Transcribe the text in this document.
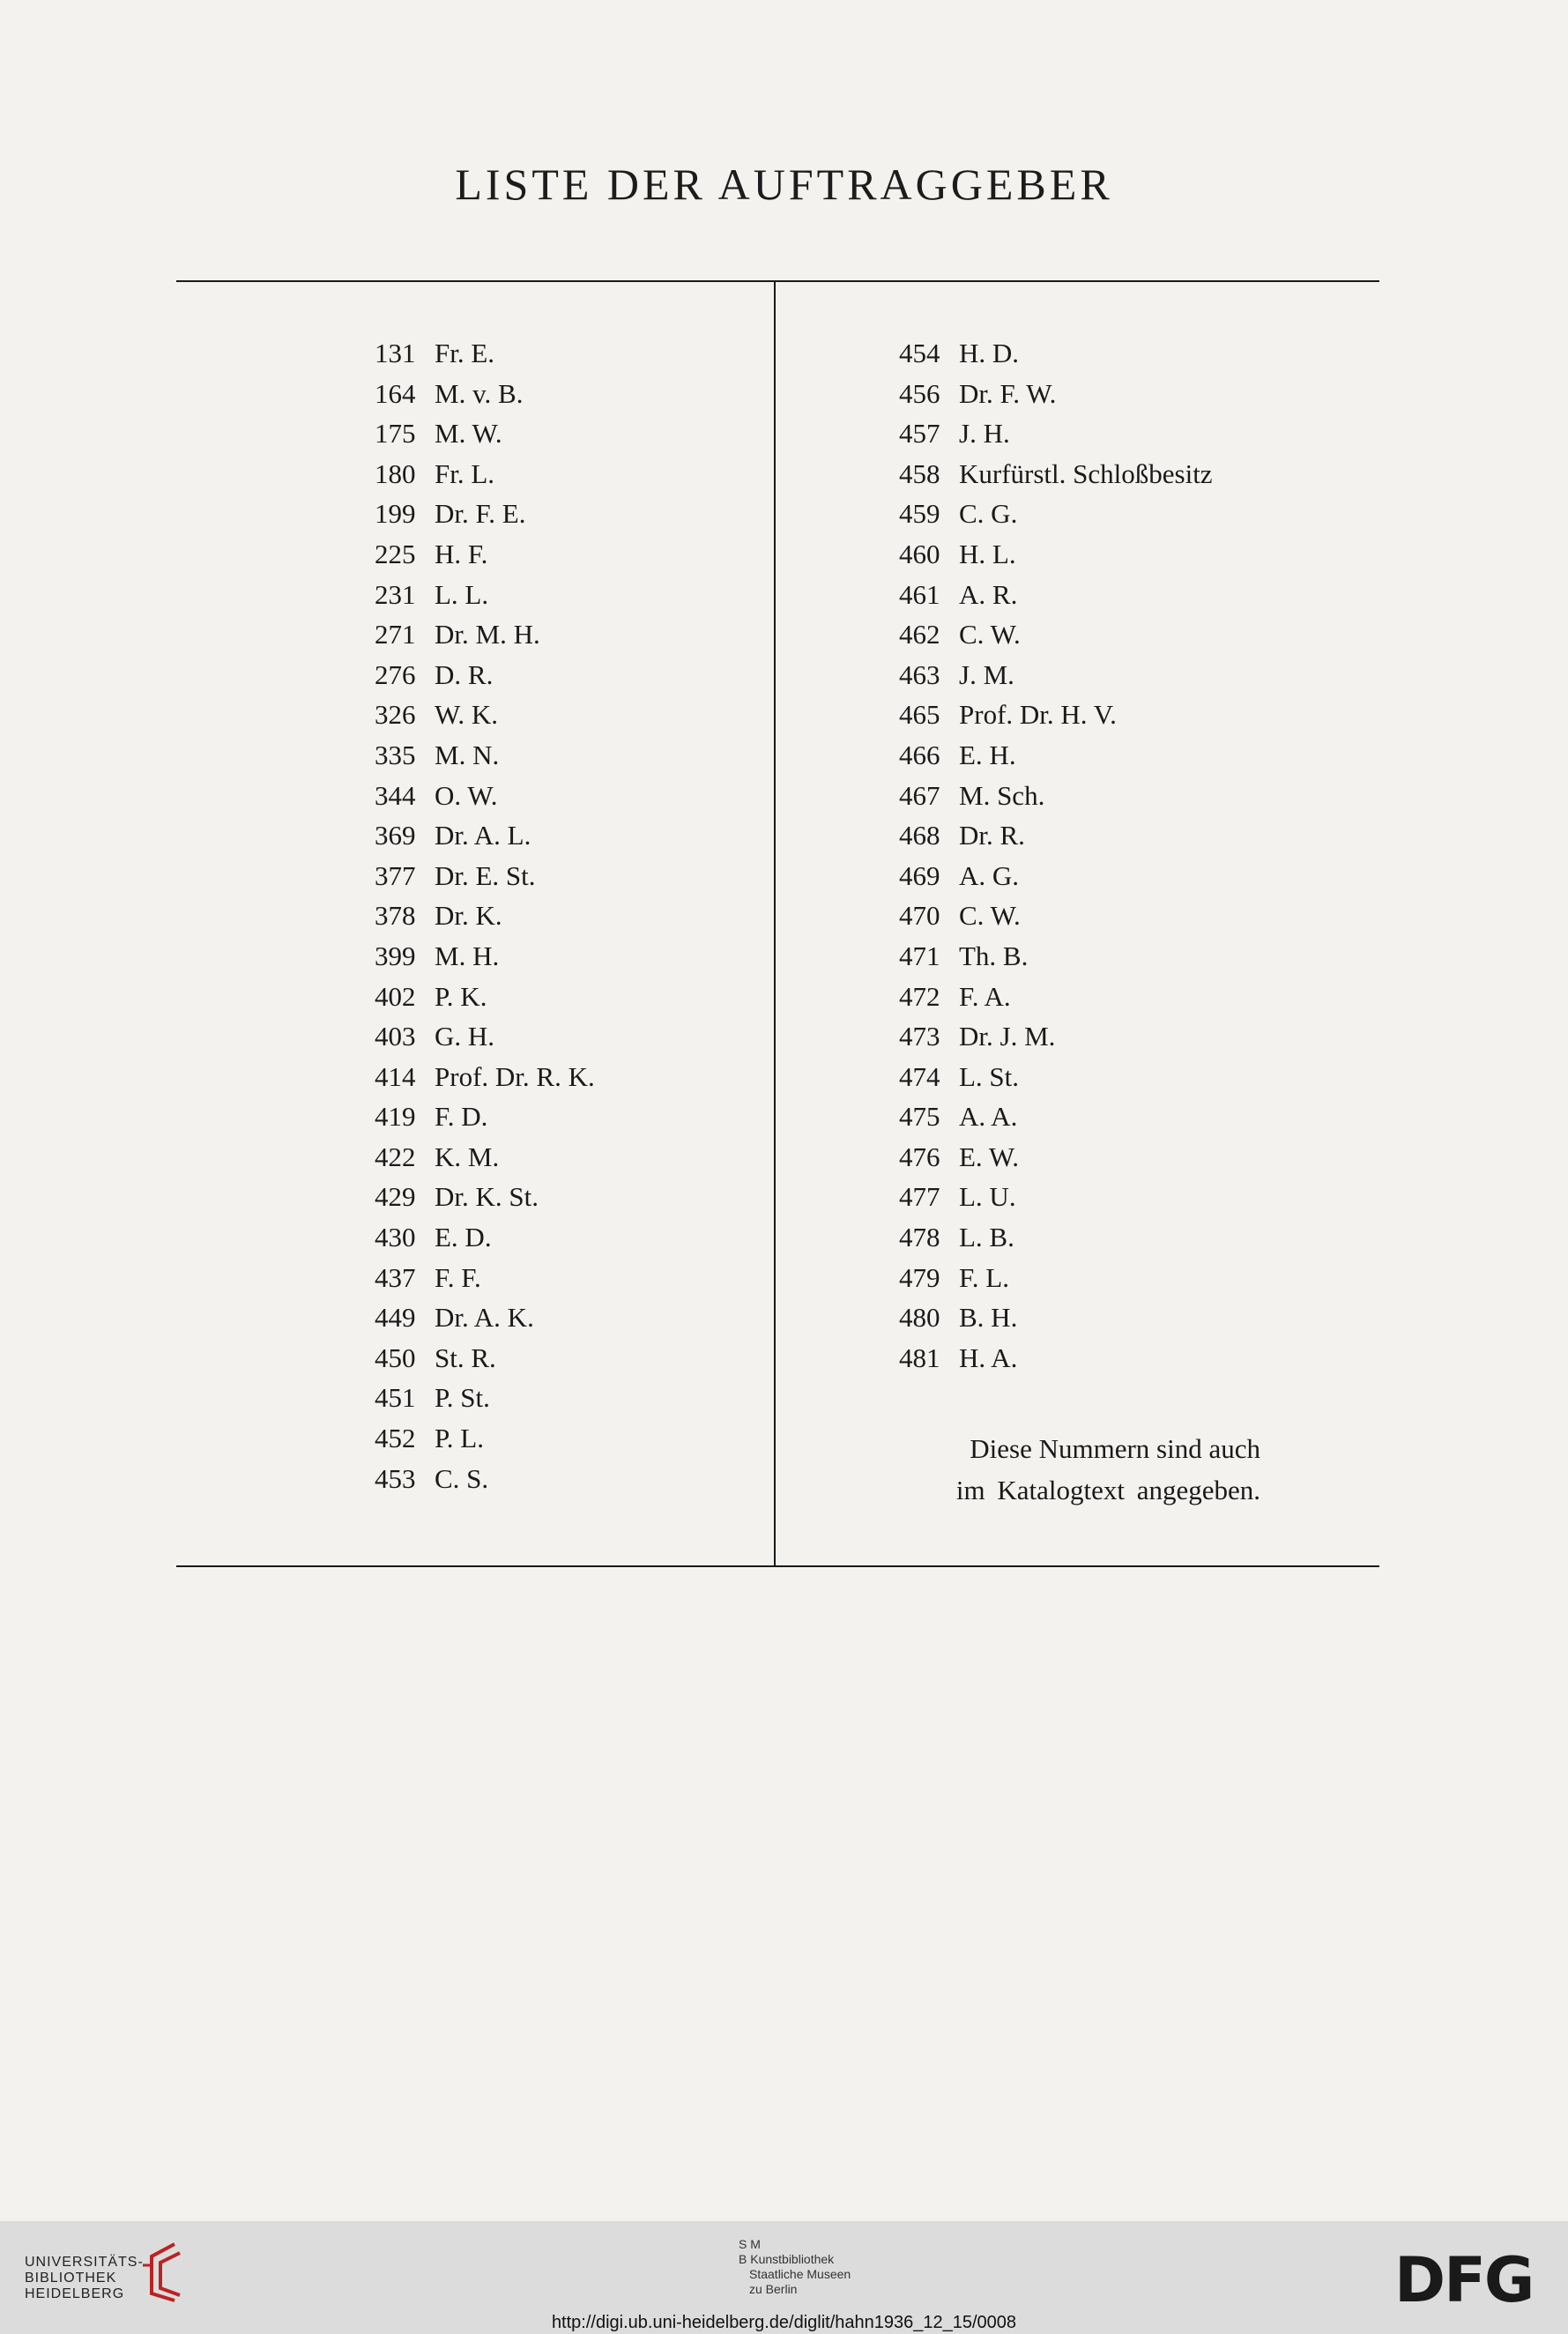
LISTE DER AUFTRAGGEBER
131 Fr. E.
164 M. v. B.
175 M. W.
180 Fr. L.
199 Dr. F. E.
225 H. F.
231 L. L.
271 Dr. M. H.
276 D. R.
326 W. K.
335 M. N.
344 O. W.
369 Dr. A. L.
377 Dr. E. St.
378 Dr. K.
399 M. H.
402 P. K.
403 G. H.
414 Prof. Dr. R. K.
419 F. D.
422 K. M.
429 Dr. K. St.
430 E. D.
437 F. F.
449 Dr. A. K.
450 St. R.
451 P. St.
452 P. L.
453 C. S.
454 H. D.
456 Dr. F. W.
457 J. H.
458 Kurfürstl. Schloßbesitz
459 C. G.
460 H. L.
461 A. R.
462 C. W.
463 J. M.
465 Prof. Dr. H. V.
466 E. H.
467 M. Sch.
468 Dr. R.
469 A. G.
470 C. W.
471 Th. B.
472 F. A.
473 Dr. J. M.
474 L. St.
475 A. A.
476 E. W.
477 L. U.
478 L. B.
479 F. L.
480 B. H.
481 H. A.
Diese Nummern sind auch
im Katalogtext angegeben.
UNIVERSITÄTS-
BIBLIOTHEK
HEIDELBERG
S M
B Kunstbibliothek
Staatliche Museen
zu Berlin	DFG
http://digi.ub.uni-heidelberg.de/diglit/hahn1936_12_15/0008
